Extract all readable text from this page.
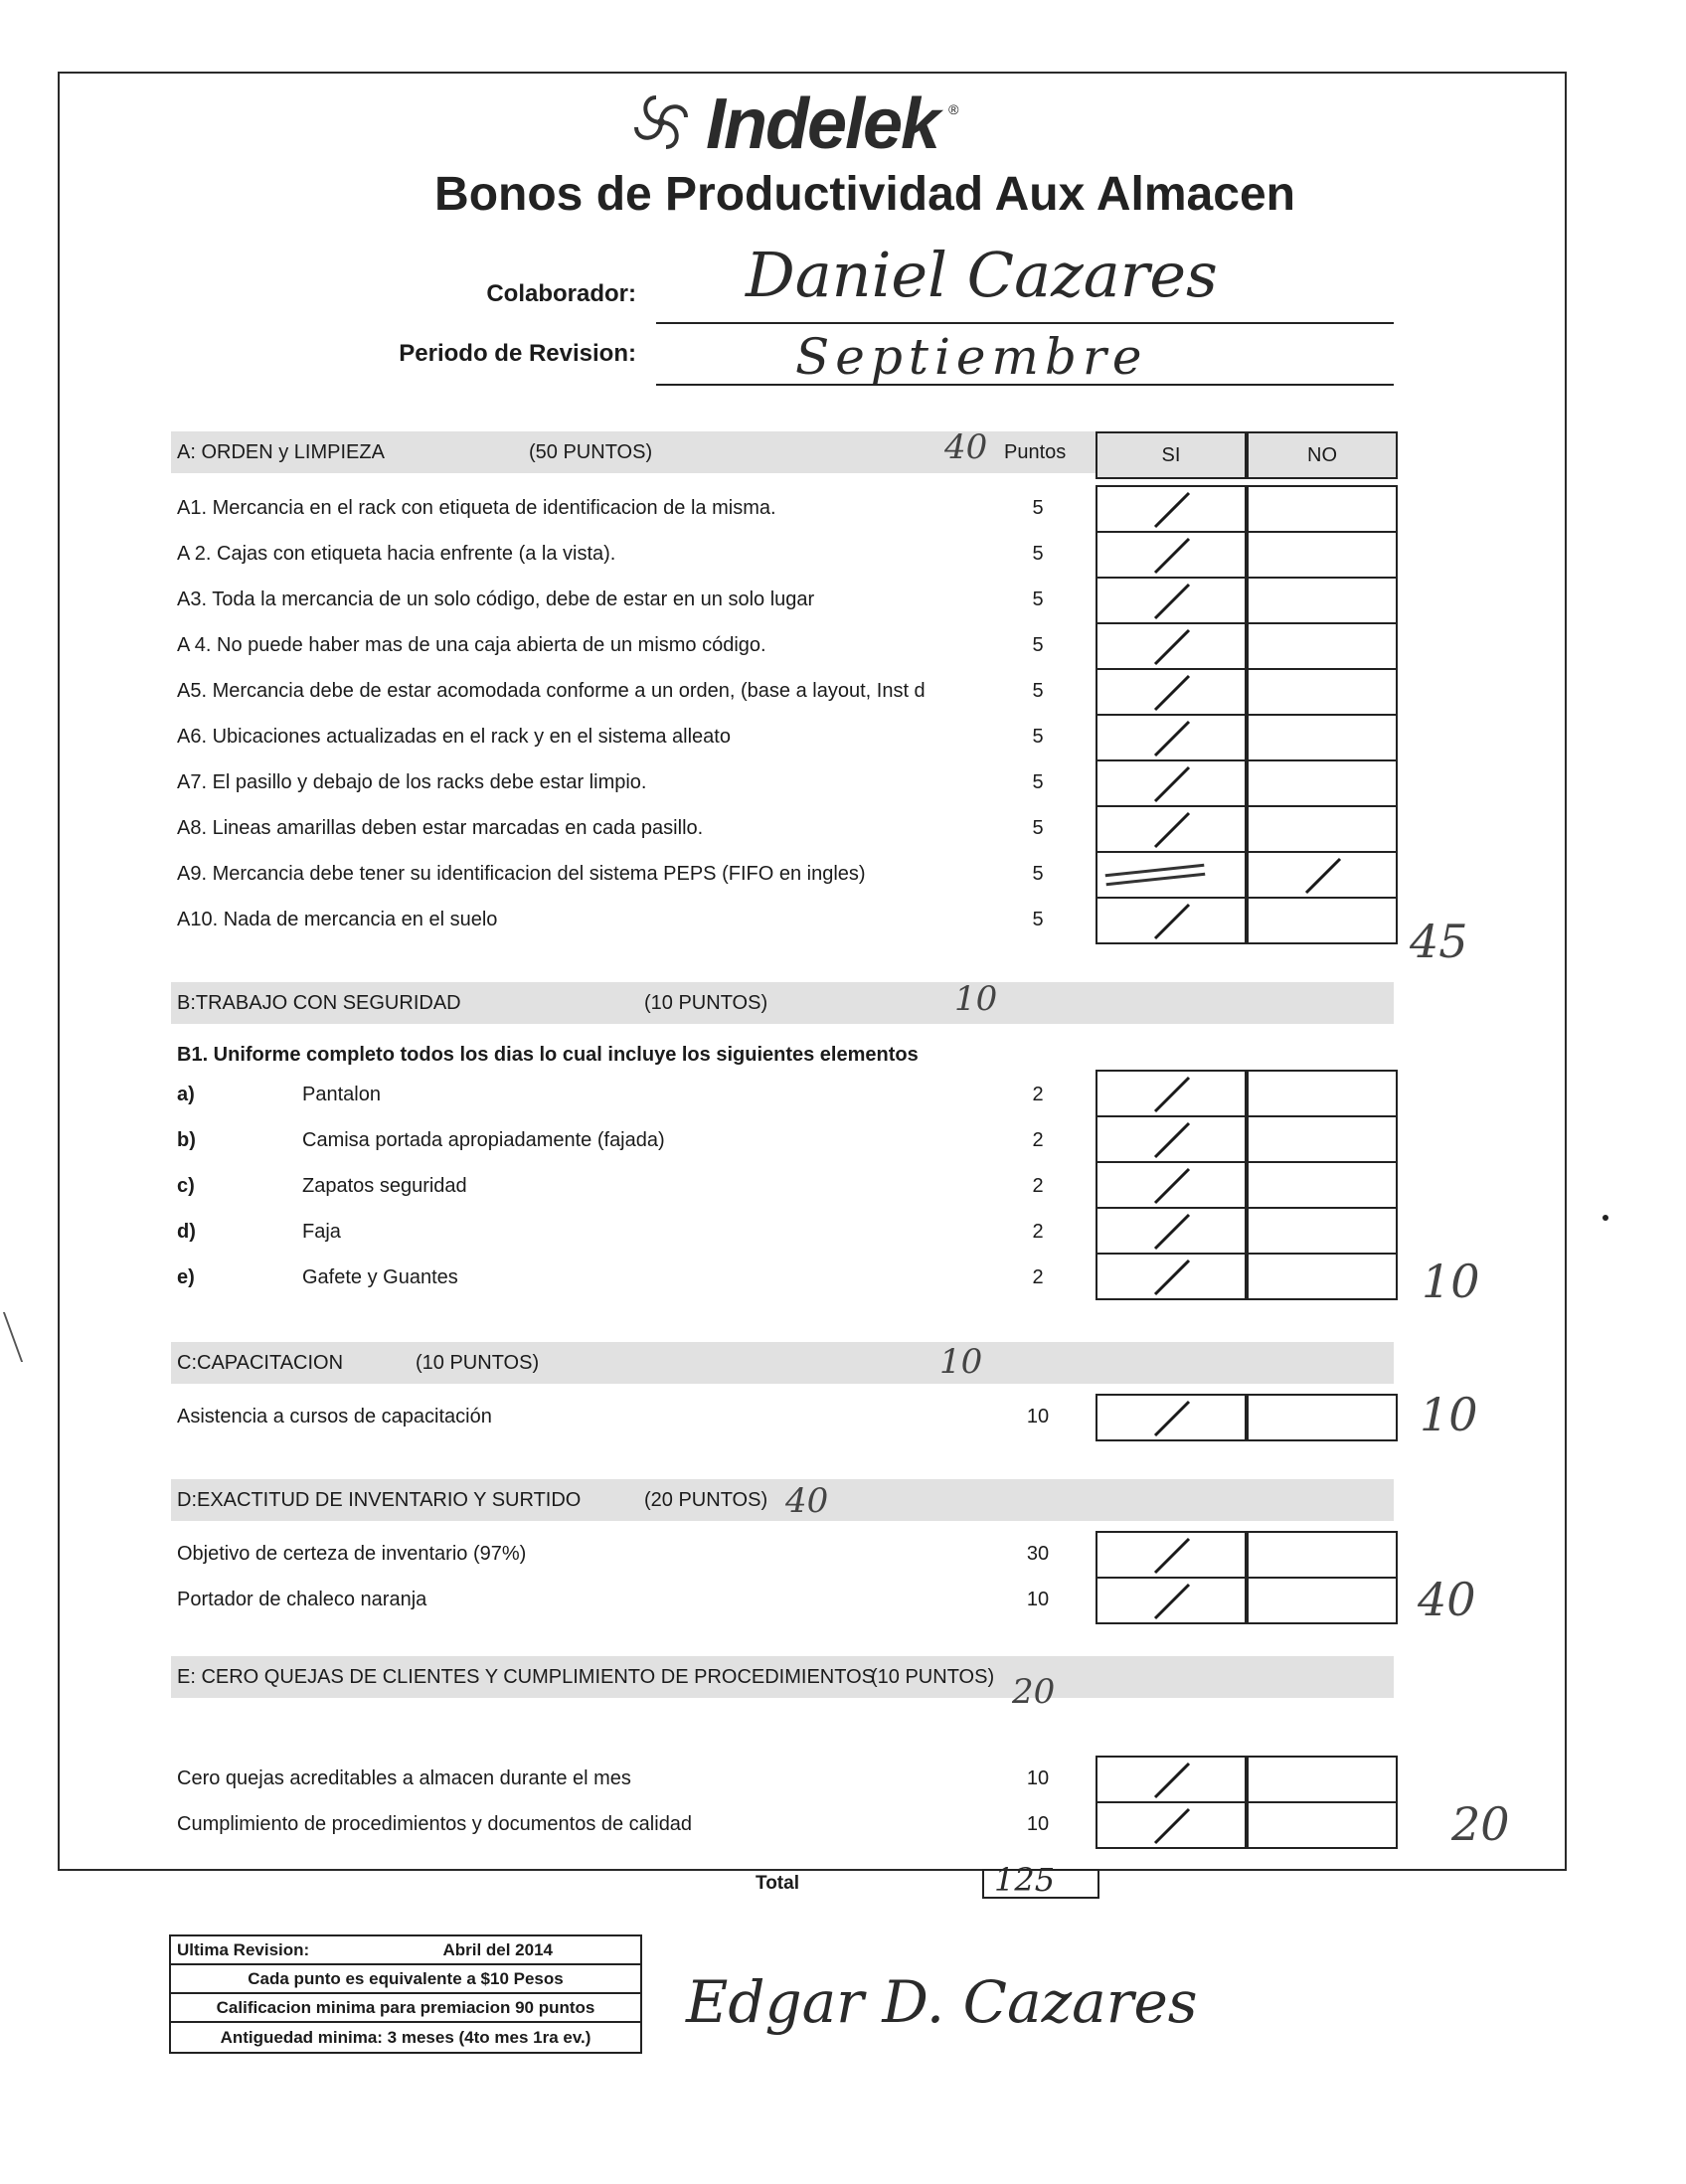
Indelek ®
Bonos de Productividad Aux Almacen
Colaborador: Daniel Cazares
Periodo de Revision:	Septiembre
A: ORDEN y LIMPIEZA	(50 PUNTOS)	40 Puntos	SI	NO
A1. Mercancia en el rack con etiqueta de identificacion de la misma.	5
A 2. Cajas con etiqueta hacia enfrente (a la vista).	5
A3. Toda la mercancia de un solo código, debe de estar en un solo lugar	5
A 4. No puede haber mas de una caja abierta de un mismo código.	5
A5. Mercancia debe de estar acomodada conforme a un orden, (base a layout, Inst d	5
A6. Ubicaciones actualizadas en el rack y en el sistema alleato	5
A7. El pasillo y debajo de los racks debe estar limpio.	5
A8. Lineas amarillas deben estar marcadas en cada pasillo.	5
A9. Mercancia debe tener su identificacion del sistema PEPS (FIFO en ingles)	5
A10. Nada de mercancia en el suelo	5	45
B:TRABAJO CON SEGURIDAD	(10 PUNTOS)	10
B1. Uniforme completo todos los dias lo cual incluye los siguientes elementos
a)	Pantalon	2
b)	Camisa portada apropiadamente (fajada)	2
c)	Zapatos seguridad	2
d)	Faja	2
e)	Gafete y Guantes	2	10
C:CAPACITACION	(10 PUNTOS)	10
Asistencia a cursos de capacitación	10	10
D:EXACTITUD DE INVENTARIO Y SURTIDO	(20 PUNTOS) 40
Objetivo de certeza de inventario (97%)	30
Portador de chaleco naranja	10	40
E: CERO QUEJAS DE CLIENTES Y CUMPLIMIENTO DE PROCEDIMIENTOS
(10 PUNTOS) 20
Cero quejas acreditables a almacen durante el mes	10
Cumplimiento de procedimientos y documentos de calidad	10	20
Total	125
Ultima Revision:	Abril del 2014
Cada punto es equivalente a $10 Pesos
Calificacion minima para premiacion 90 puntos
Antiguedad minima: 3 meses (4to mes 1ra ev.)
Edgar D. Cazares
